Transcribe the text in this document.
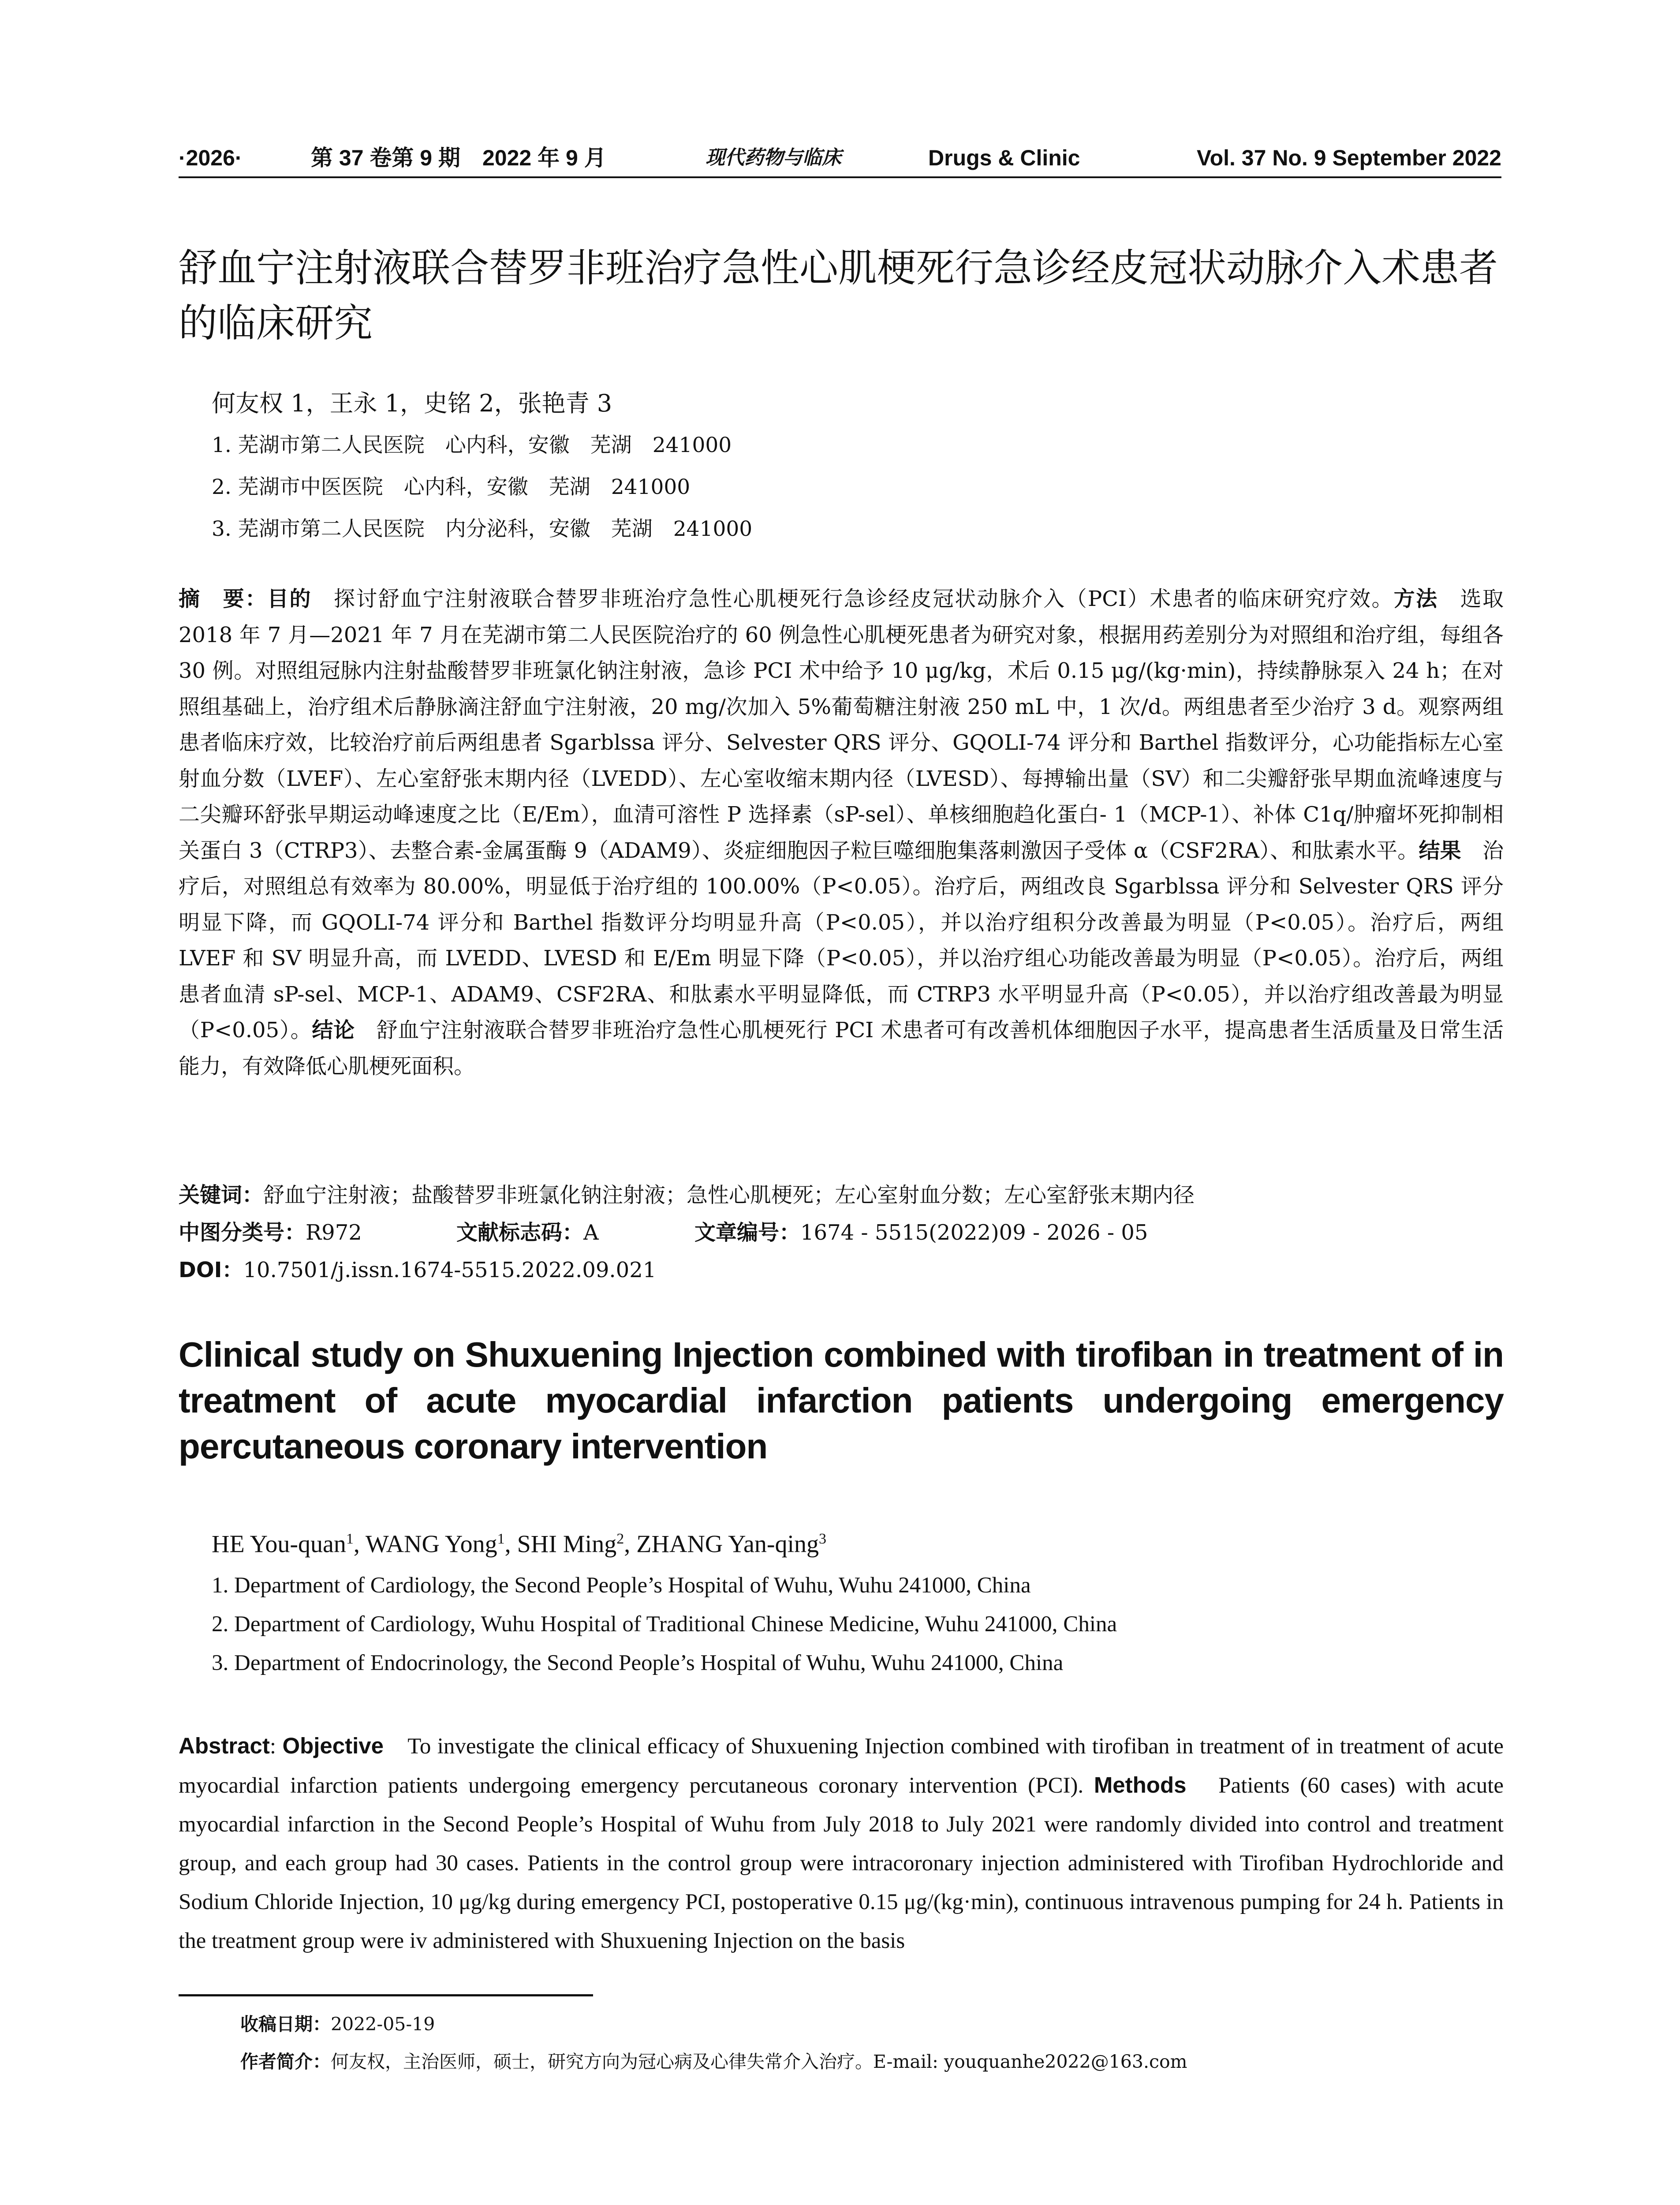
·2026·	第 37 卷第 9 期　2022 年 9 月	现代药物与临床	Drugs & Clinic	Vol. 37 No. 9 September 2022
舒血宁注射液联合替罗非班治疗急性心肌梗死行急诊经皮冠状动脉介入术患者的临床研究
何友权 1，王永 1，史铭 2，张艳青 3
1. 芜湖市第二人民医院　心内科，安徽　芜湖　241000
2. 芜湖市中医医院　心内科，安徽　芜湖　241000
3. 芜湖市第二人民医院　内分泌科，安徽　芜湖　241000

摘　要：目的　探讨舒血宁注射液联合替罗非班治疗急性心肌梗死行急诊经皮冠状动脉介入（PCI）术患者的临床研究疗效。方法　选取 2018 年 7 月—2021 年 7 月在芜湖市第二人民医院治疗的 60 例急性心肌梗死患者为研究对象，根据用药差别分为对照组和治疗组，每组各 30 例。对照组冠脉内注射盐酸替罗非班氯化钠注射液，急诊 PCI 术中给予 10 μg/kg，术后 0.15 μg/(kg·min)，持续静脉泵入 24 h；在对照组基础上，治疗组术后静脉滴注舒血宁注射液，20 mg/次加入 5%葡萄糖注射液 250 mL 中，1 次/d。两组患者至少治疗 3 d。观察两组患者临床疗效，比较治疗前后两组患者 Sgarblssa 评分、Selvester QRS 评分、GQOLI-74 评分和 Barthel 指数评分，心功能指标左心室射血分数（LVEF）、左心室舒张末期内径（LVEDD）、左心室收缩末期内径（LVESD）、每搏输出量（SV）和二尖瓣舒张早期血流峰速度与二尖瓣环舒张早期运动峰速度之比（E/Em），血清可溶性 P 选择素（sP-sel）、单核细胞趋化蛋白- 1（MCP-1）、补体 C1q/肿瘤坏死抑制相关蛋白 3（CTRP3）、去整合素-金属蛋酶 9（ADAM9）、炎症细胞因子粒巨噬细胞集落刺激因子受体 α（CSF2RA）、和肽素水平。结果　治疗后，对照组总有效率为 80.00%，明显低于治疗组的 100.00%（P<0.05）。治疗后，两组改良 Sgarblssa 评分和 Selvester QRS 评分明显下降，而 GQOLI-74 评分和 Barthel 指数评分均明显升高（P<0.05），并以治疗组积分改善最为明显（P<0.05）。治疗后，两组 LVEF 和 SV 明显升高，而 LVEDD、LVESD 和 E/Em 明显下降（P<0.05），并以治疗组心功能改善最为明显（P<0.05）。治疗后，两组患者血清 sP-sel、MCP-1、ADAM9、CSF2RA、和肽素水平明显降低，而 CTRP3 水平明显升高（P<0.05），并以治疗组改善最为明显（P<0.05）。结论　舒血宁注射液联合替罗非班治疗急性心肌梗死行 PCI 术患者可有改善机体细胞因子水平，提高患者生活质量及日常生活能力，有效降低心肌梗死面积。

关键词：舒血宁注射液；盐酸替罗非班氯化钠注射液；急性心肌梗死；左心室射血分数；左心室舒张末期内径
中图分类号：R972	文献标志码：A	文章编号：1674 - 5515(2022)09 - 2026 - 05
DOI：10.7501/j.issn.1674-5515.2022.09.021
Clinical study on Shuxuening Injection combined with tirofiban in treatment of in treatment of acute myocardial infarction patients undergoing emergency percutaneous coronary intervention
HE You-quan$^1$, WANG Yong$^1$, SHI Ming$^2$, ZHANG Yan-qing$^3$
1. Department of Cardiology, the Second People’s Hospital of Wuhu, Wuhu 241000, China
2. Department of Cardiology, Wuhu Hospital of Traditional Chinese Medicine, Wuhu 241000, China
3. Department of Endocrinology, the Second People’s Hospital of Wuhu, Wuhu 241000, China

Abstract: Objective　To investigate the clinical efficacy of Shuxuening Injection combined with tirofiban in treatment of in treatment of acute myocardial infarction patients undergoing emergency percutaneous coronary intervention (PCI). Methods　Patients (60 cases) with acute myocardial infarction in the Second People’s Hospital of Wuhu from July 2018 to July 2021 were randomly divided into control and treatment group, and each group had 30 cases. Patients in the control group were intracoronary injection administered with Tirofiban Hydrochloride and Sodium Chloride Injection, 10 μg/kg during emergency PCI, postoperative 0.15 μg/(kg·min), continuous intravenous pumping for 24 h. Patients in the treatment group were iv administered with Shuxuening Injection on the basis

收稿日期：2022-05-19
作者简介：何友权，主治医师，硕士，研究方向为冠心病及心律失常介入治疗。E-mail: youquanhe2022@163.com
